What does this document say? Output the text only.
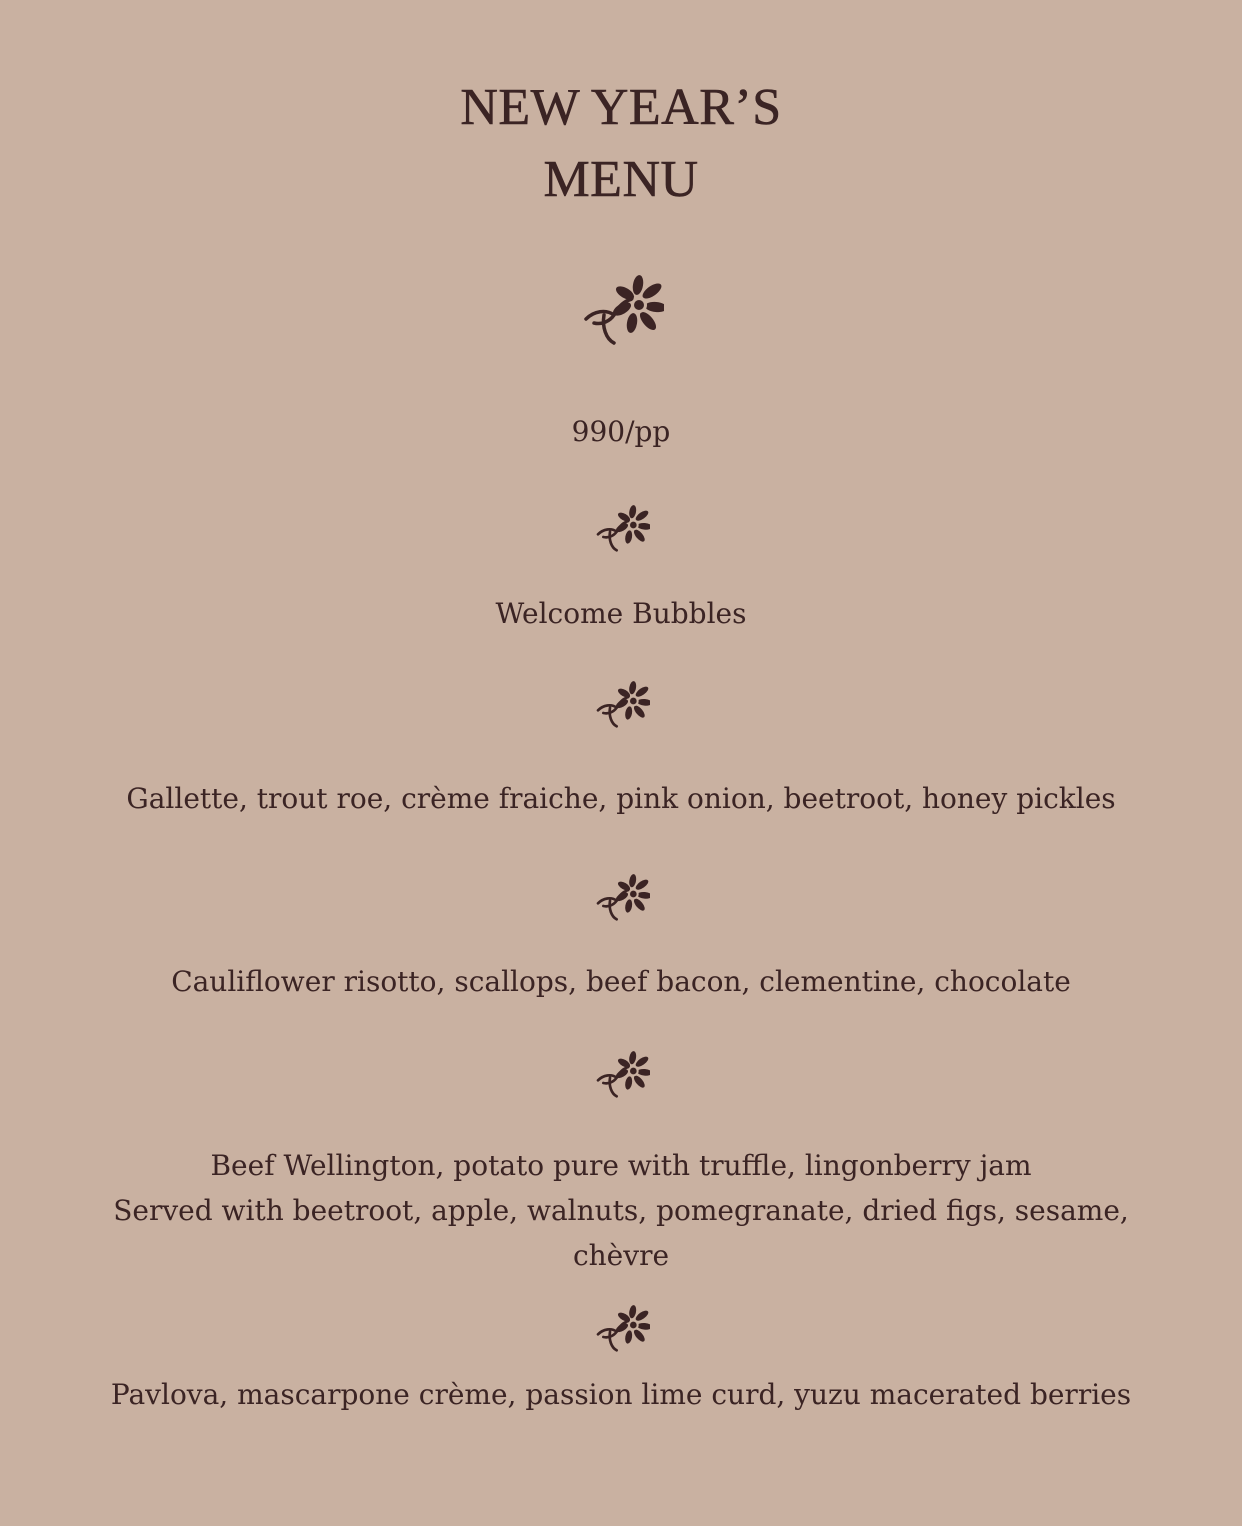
NEW YEAR’S
MENU
990/pp
Welcome Bubbles
Gallette, trout roe, crème fraiche, pink onion, beetroot, honey pickles
Cauliflower risotto, scallops, beef bacon, clementine, chocolate
Beef Wellington, potato pure with truffle, lingonberry jam
Served with beetroot, apple, walnuts, pomegranate, dried figs, sesame,
chèvre
Pavlova, mascarpone crème, passion lime curd, yuzu macerated berries
